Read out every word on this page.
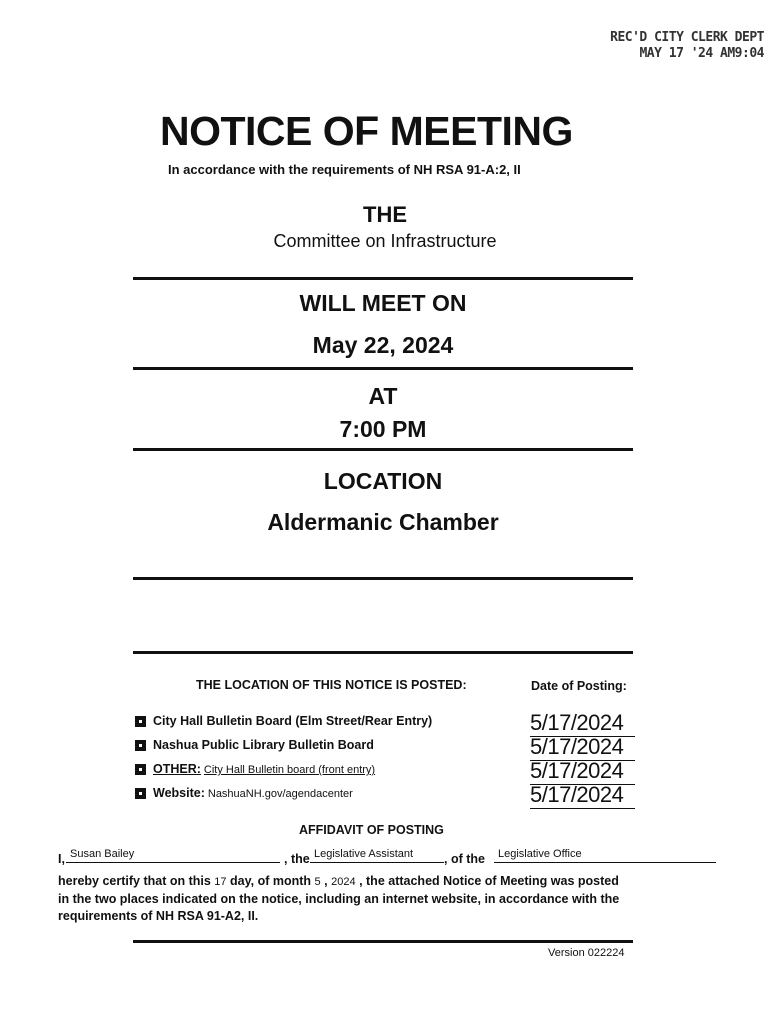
REC'D CITY CLERK DEPT
MAY 17 '24 AM9:04
NOTICE OF MEETING
In accordance with the requirements of NH RSA 91-A:2, II
THE
Committee on Infrastructure
WILL MEET ON
May 22, 2024
AT
7:00 PM
LOCATION
Aldermanic Chamber
THE LOCATION OF THIS NOTICE IS POSTED:	Date of Posting:
City Hall Bulletin Board (Elm Street/Rear Entry)	5/17/2024
Nashua Public Library Bulletin Board	5/17/2024
OTHER: City Hall Bulletin board (front entry)	5/17/2024
Website: NashuaNH.gov/agendacenter	5/17/2024
AFFIDAVIT OF POSTING
I, Susan Bailey	, the Legislative Assistant	, of the	Legislative Office
hereby certify that on this 17 day, of month 5 , 2024 , the attached Notice of Meeting was posted
in the two places indicated on the notice, including an internet website, in accordance with the
requirements of NH RSA 91-A2, II.
Version 022224
